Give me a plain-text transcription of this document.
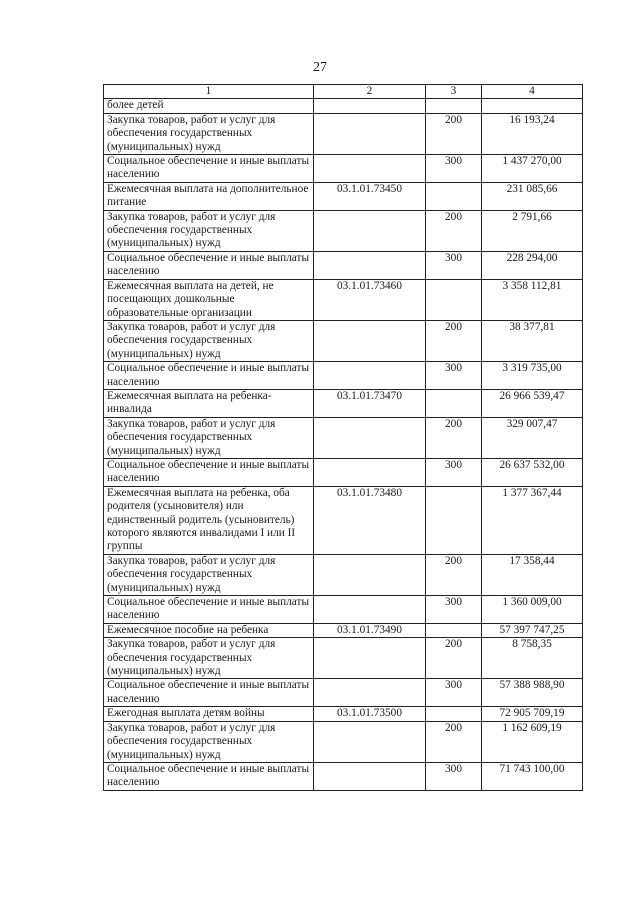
27
1	2	3	4
более детей			
Закупка товаров, работ и услуг для обеспечения государственных (муниципальных) нужд		200	16 193,24
Социальное обеспечение и иные выплаты населению		300	1 437 270,00
Ежемесячная выплата на дополнительное питание	03.1.01.73450		231 085,66
Закупка товаров, работ и услуг для обеспечения государственных (муниципальных) нужд		200	2 791,66
Социальное обеспечение и иные выплаты населению		300	228 294,00
Ежемесячная выплата на детей, не посещающих дошкольные образовательные организации	03.1.01.73460		3 358 112,81
Закупка товаров, работ и услуг для обеспечения государственных (муниципальных) нужд		200	38 377,81
Социальное обеспечение и иные выплаты населению		300	3 319 735,00
Ежемесячная выплата на ребенка-инвалида	03.1.01.73470		26 966 539,47
Закупка товаров, работ и услуг для обеспечения государственных (муниципальных) нужд		200	329 007,47
Социальное обеспечение и иные выплаты населению		300	26 637 532,00
Ежемесячная выплата на ребенка, оба родителя (усыновителя) или единственный родитель (усыновитель) которого являются инвалидами I или II группы	03.1.01.73480		1 377 367,44
Закупка товаров, работ и услуг для обеспечения государственных (муниципальных) нужд		200	17 358,44
Социальное обеспечение и иные выплаты населению		300	1 360 009,00
Ежемесячное пособие на ребенка	03.1.01.73490		57 397 747,25
Закупка товаров, работ и услуг для обеспечения государственных (муниципальных) нужд		200	8 758,35
Социальное обеспечение и иные выплаты населению		300	57 388 988,90
Ежегодная выплата детям войны	03.1.01.73500		72 905 709,19
Закупка товаров, работ и услуг для обеспечения государственных (муниципальных) нужд		200	1 162 609,19
Социальное обеспечение и иные выплаты населению		300	71 743 100,00
